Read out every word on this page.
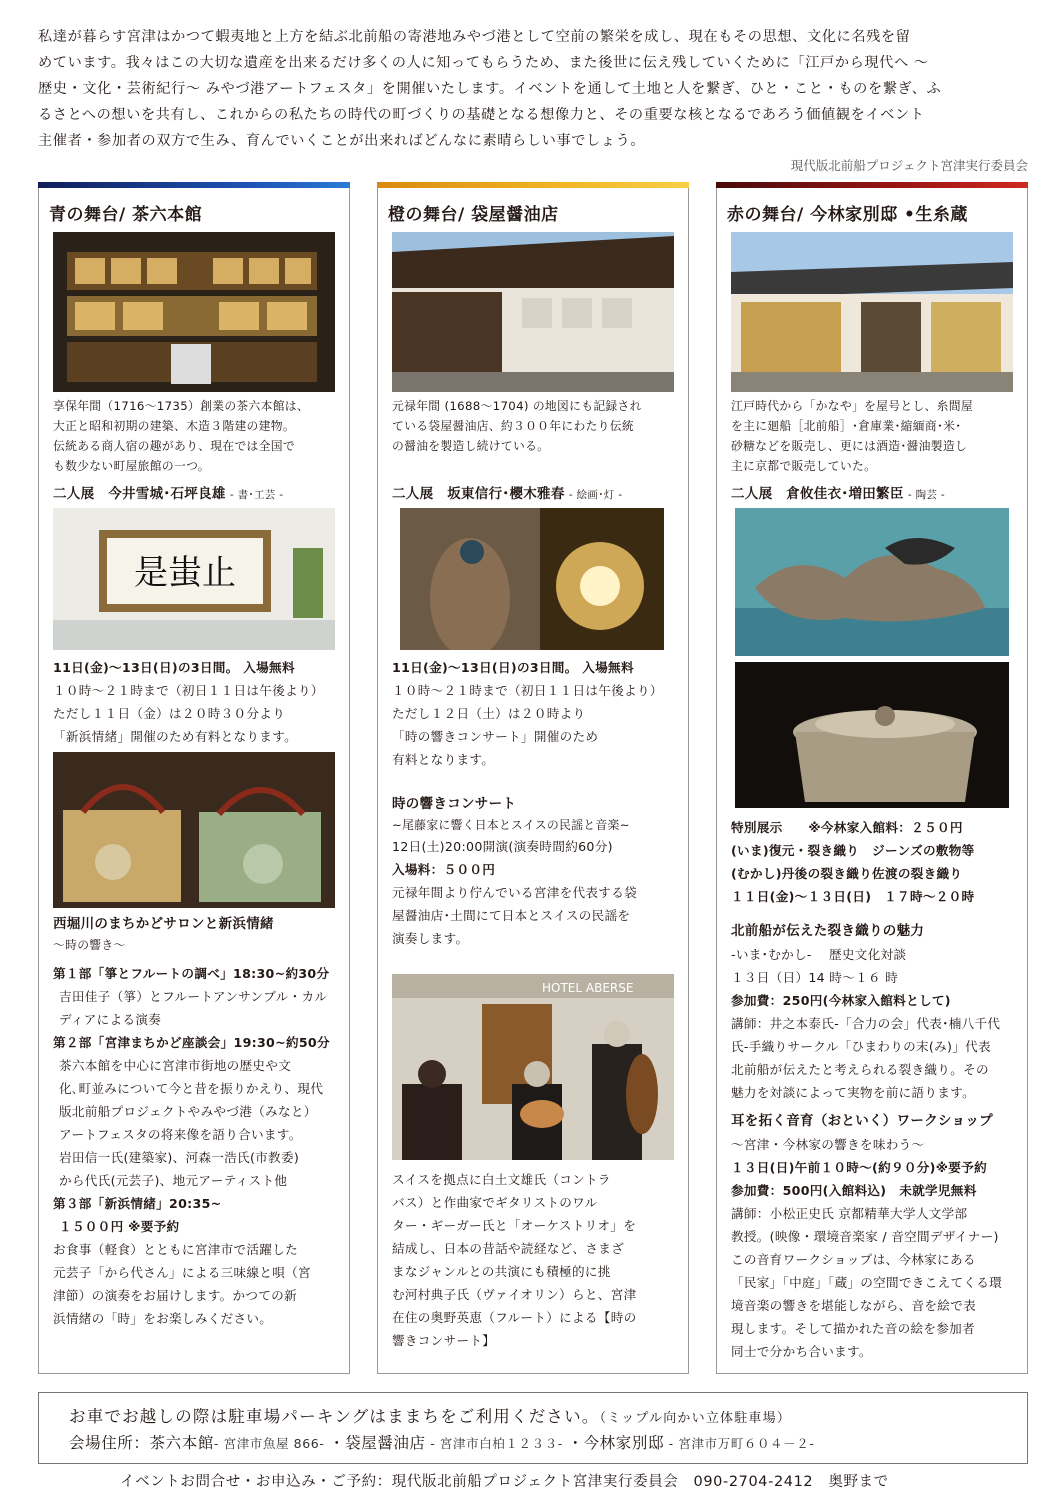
私達が暮らす宮津はかつて蝦夷地と上方を結ぶ北前船の寄港地みやづ港として空前の繁栄を成し、現在もその思想、文化に名残を留

めています。我々はこの大切な遺産を出来るだけ多くの人に知ってもらうため、また後世に伝え残していくために「江戸から現代へ ～

歴史・文化・芸術紀行～ みやづ港アートフェスタ」を開催いたします。イベントを通して土地と人を繋ぎ、ひと・こと・ものを繋ぎ、ふ

るさとへの想いを共有し、これからの私たちの時代の町づくりの基礎となる想像力と、その重要な核となるであろう価値観をイベント

主催者・参加者の双方で生み、育んでいくことが出来ればどんなに素晴らしい事でしょう。

現代版北前船プロジェクト宮津実行委員会
青の舞台/ 茶六本館

享保年間（1716～1735）創業の茶六本館は、

大正と昭和初期の建築、木造３階建の建物。

伝統ある商人宿の趣があり、現在では全国で

も数少ない町屋旅館の一つ。

二人展　今井雪城･石坪良雄 - 書･工芸 -
是蚩止

11日(金)～13日(日)の3日間。 入場無料

１０時～２１時まで（初日１１日は午後より）

ただし１１日（金）は２０時３０分より

「新浜情緒」開催のため有料となります。

西堀川のまちかどサロンと新浜情緒

～時の響き～

第１部「箏とフルートの調べ」18:30~約30分

吉田佳子（箏）とフルートアンサンブル・カル

ディアによる演奏

第２部「宮津まちかど座談会」19:30~約50分

茶六本館を中心に宮津市街地の歴史や文

化､町並みについて今と昔を振りかえり、現代

版北前船プロジェクトやみやづ港（みなと）

アートフェスタの将来像を語り合います。

岩田信一氏(建築家)、河森一浩氏(市教委)

から代氏(元芸子)、地元アーティスト他

第３部「新浜情緒」20:35~

１５００円 ※要予約

お食事（軽食）とともに宮津市で活躍した

元芸子「から代さん」による三味線と唄（宮

津節）の演奏をお届けします。かつての新

浜情緒の「時」をお楽しみください。

橙の舞台/ 袋屋醤油店

元禄年間 (1688～1704) の地図にも記録され

ている袋屋醤油店、約３００年にわたり伝統

の醤油を製造し続けている。

二人展　坂東信行･櫻木雅春 - 絵画･灯 -

11日(金)～13日(日)の3日間。 入場無料

１０時～２１時まで（初日１１日は午後より）

ただし１２日（土）は２０時より

「時の響きコンサート」開催のため

有料となります。

時の響きコンサート

~尾藤家に響く日本とスイスの民謡と音楽~

12日(土)20:00開演(演奏時間約60分)

入場料：５００円

元禄年間より佇んでいる宮津を代表する袋

屋醤油店･土間にて日本とスイスの民謡を

演奏します。

HOTEL ABERSE

スイスを拠点に白土文雄氏（コントラ

バス）と作曲家でギタリストのワル

ター・ギーガー氏と「オーケストリオ」を

結成し、日本の昔話や読経など、さまざ

まなジャンルとの共演にも積極的に挑

む河村典子氏（ヴァイオリン）らと、宮津

在住の奥野英恵（フルート）による【時の

響きコンサート】

赤の舞台/ 今林家別邸 •生糸蔵

江戸時代から「かなや」を屋号とし、糸間屋

を主に廻船［北前船］･倉庫業･縮緬商･米･

砂糖などを販売し、更には酒造･醤油製造し

主に京都で販売していた。

二人展　倉攸佳衣･増田繁臣 - 陶芸 -

特別展示　　※今林家入館料：２５０円

(いま)復元・裂き織り　ジーンズの敷物等

(むかし)丹後の裂き織り佐渡の裂き織り

１１日(金)～１３日(日)　１７時～２０時

北前船が伝えた裂き織りの魅力

-いま･むかし-　 歴史文化対談

１３日（日）14 時～１６ 時

参加費：250円(今林家入館料として)

講師：井之本泰氏-「合力の会」代表･楠八千代

氏-手織りサークル「ひまわりの末(み)」代表

北前船が伝えたと考えられる裂き織り。その

魅力を対談によって実物を前に語ります。

耳を拓く音育（おといく）ワークショップ

～宮津・今林家の響きを味わう～

１３日(日)午前１０時～(約９０分)※要予約

参加費：500円(入館料込)　未就学児無料

講師：小松正史氏 京都精華大学人文学部

教授。(映像・環境音楽家 / 音空間デザイナー)

この音育ワークショップは、今林家にある

「民家」「中庭」「蔵」の空間できこえてくる環

境音楽の響きを堪能しながら、音を絵で表

現します。そして描かれた音の絵を参加者

同士で分かち合います。

お車でお越しの際は駐車場パーキングはままちをご利用ください。（ミップル向かい立体駐車場）
会場住所：茶六本館- 宮津市魚屋 866- ・袋屋醤油店 - 宮津市白柏１２３３- ・今林家別邸 - 宮津市万町６０４－２-
イベントお問合せ・お申込み・ご予約：現代版北前船プロジェクト宮津実行委員会　090-2704-2412　奥野まで
